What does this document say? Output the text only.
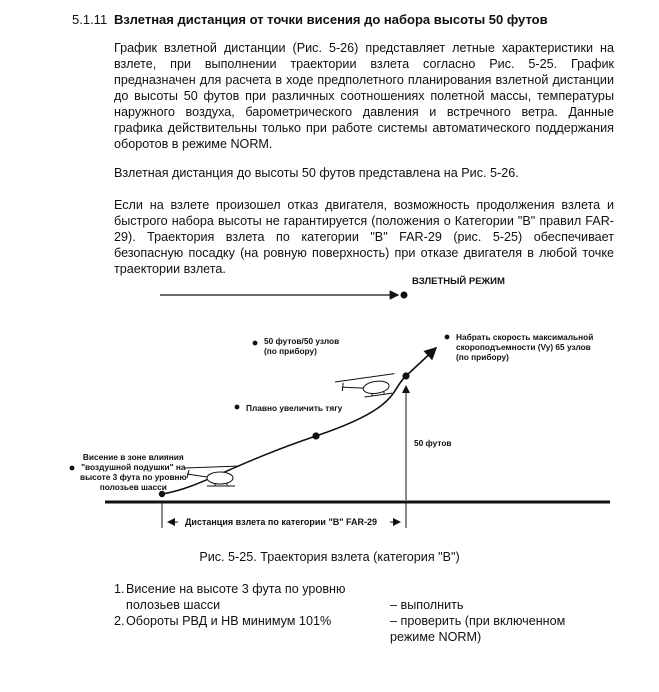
5.1.11 Взлетная дистанция от точки висения до набора высоты 50 футов

График взлетной дистанции (Рис. 5-26) представляет летные характеристики на взлете, при выполнении траектории взлета согласно Рис. 5-25. График предназначен для расчета в ходе предполетного планирования взлетной дистанции до высоты 50 футов при различных соотношениях полетной массы, температуры наружного воздуха, барометрического давления и встречного ветра. Данные графика действительны только при работе системы автоматического поддержания оборотов в режиме NORM.

Взлетная дистанция до высоты 50 футов представлена на Рис. 5-26.

Если на взлете произошел отказ двигателя, возможность продолжения взлета и быстрого набора высоты не гарантируется (положения о Категории "В" правил FAR-29). Траектория взлета по категории "В" FAR-29 (рис. 5-25) обеспечивает безопасную посадку (на ровную поверхность) при отказе двигателя в любой точке траектории взлета.

ВЗЛЕТНЫЙ РЕЖИМ
50 футов/50 узлов
(по прибору)
Набрать скорость максимальной
скороподъемности (Vy) 65 узлов
(по прибору)
Плавно увеличить тягу
Висение в зоне влияния
"воздушной подушки" на
высоте 3 фута по уровню
полозьев шасси
50 футов
Дистанция взлета по категории "В" FAR-29
Рис. 5-25. Траектория взлета (категория "В")
1. Висение на высоте 3 фута по уровню
полозьев шасси	– выполнить
2. Обороты РВД и НВ минимум 101%	– проверить (при включенном
режиме NORM)
